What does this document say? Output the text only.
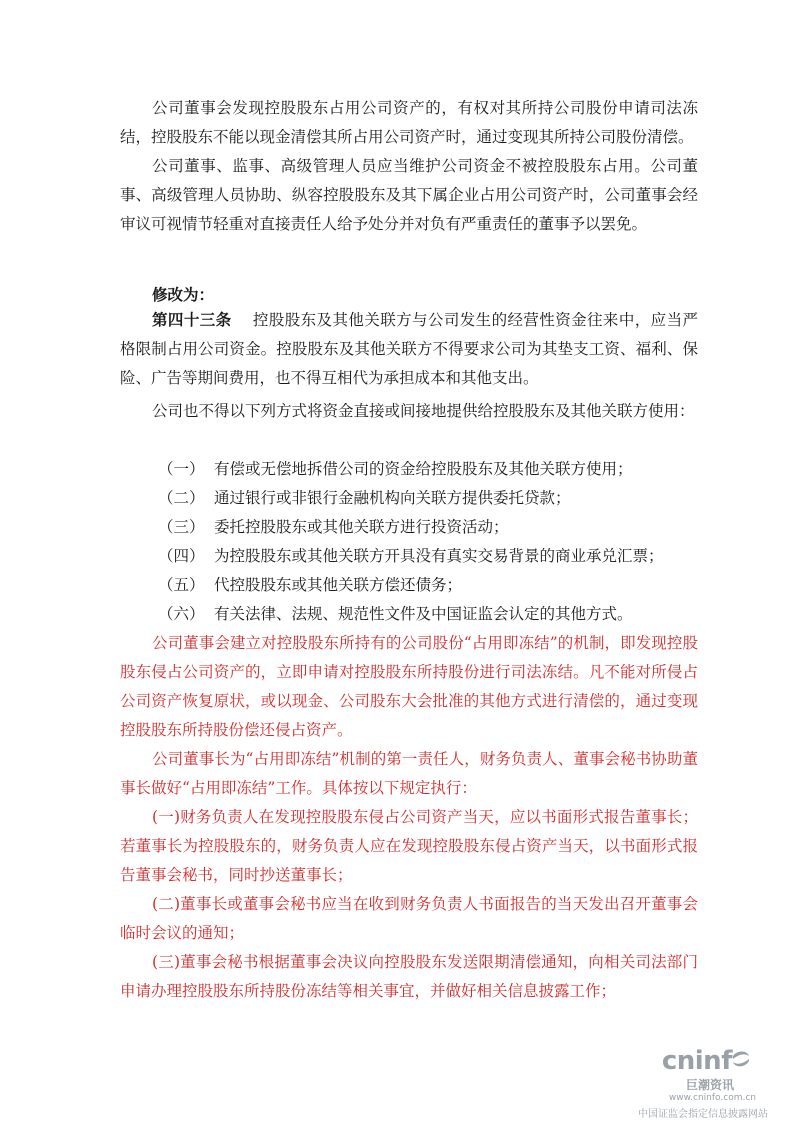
公司董事会发现控股股东占用公司资产的，有权对其所持公司股份申请司法冻结，控股股东不能以现金清偿其所占用公司资产时，通过变现其所持公司股份清偿。

公司董事、监事、高级管理人员应当维护公司资金不被控股股东占用。公司董事、高级管理人员协助、纵容控股股东及其下属企业占用公司资产时，公司董事会经审议可视情节轻重对直接责任人给予处分并对负有严重责任的董事予以罢免。

修改为：

第四十三条 控股股东及其他关联方与公司发生的经营性资金往来中，应当严格限制占用公司资金。控股股东及其他关联方不得要求公司为其垫支工资、福利、保险、广告等期间费用，也不得互相代为承担成本和其他支出。

公司也不得以下列方式将资金直接或间接地提供给控股股东及其他关联方使用：

（一） 有偿或无偿地拆借公司的资金给控股股东及其他关联方使用；
（二） 通过银行或非银行金融机构向关联方提供委托贷款；
（三） 委托控股股东或其他关联方进行投资活动；
（四） 为控股股东或其他关联方开具没有真实交易背景的商业承兑汇票；
（五） 代控股股东或其他关联方偿还债务；
（六） 有关法律、法规、规范性文件及中国证监会认定的其他方式。

公司董事会建立对控股股东所持有的公司股份“占用即冻结”的机制，即发现控股股东侵占公司资产的，立即申请对控股股东所持股份进行司法冻结。凡不能对所侵占公司资产恢复原状，或以现金、公司股东大会批准的其他方式进行清偿的，通过变现控股股东所持股份偿还侵占资产。

公司董事长为“占用即冻结”机制的第一责任人，财务负责人、董事会秘书协助董事长做好“占用即冻结”工作。具体按以下规定执行：

(一)财务负责人在发现控股股东侵占公司资产当天，应以书面形式报告董事长；若董事长为控股股东的，财务负责人应在发现控股股东侵占资产当天，以书面形式报告董事会秘书，同时抄送董事长；

(二)董事长或董事会秘书应当在收到财务负责人书面报告的当天发出召开董事会临时会议的通知；

(三)董事会秘书根据董事会决议向控股股东发送限期清偿通知，向相关司法部门申请办理控股股东所持股份冻结等相关事宜，并做好相关信息披露工作；

cninf
巨潮资讯
www.cninfo.com.cn
中国证监会指定信息披露网站
